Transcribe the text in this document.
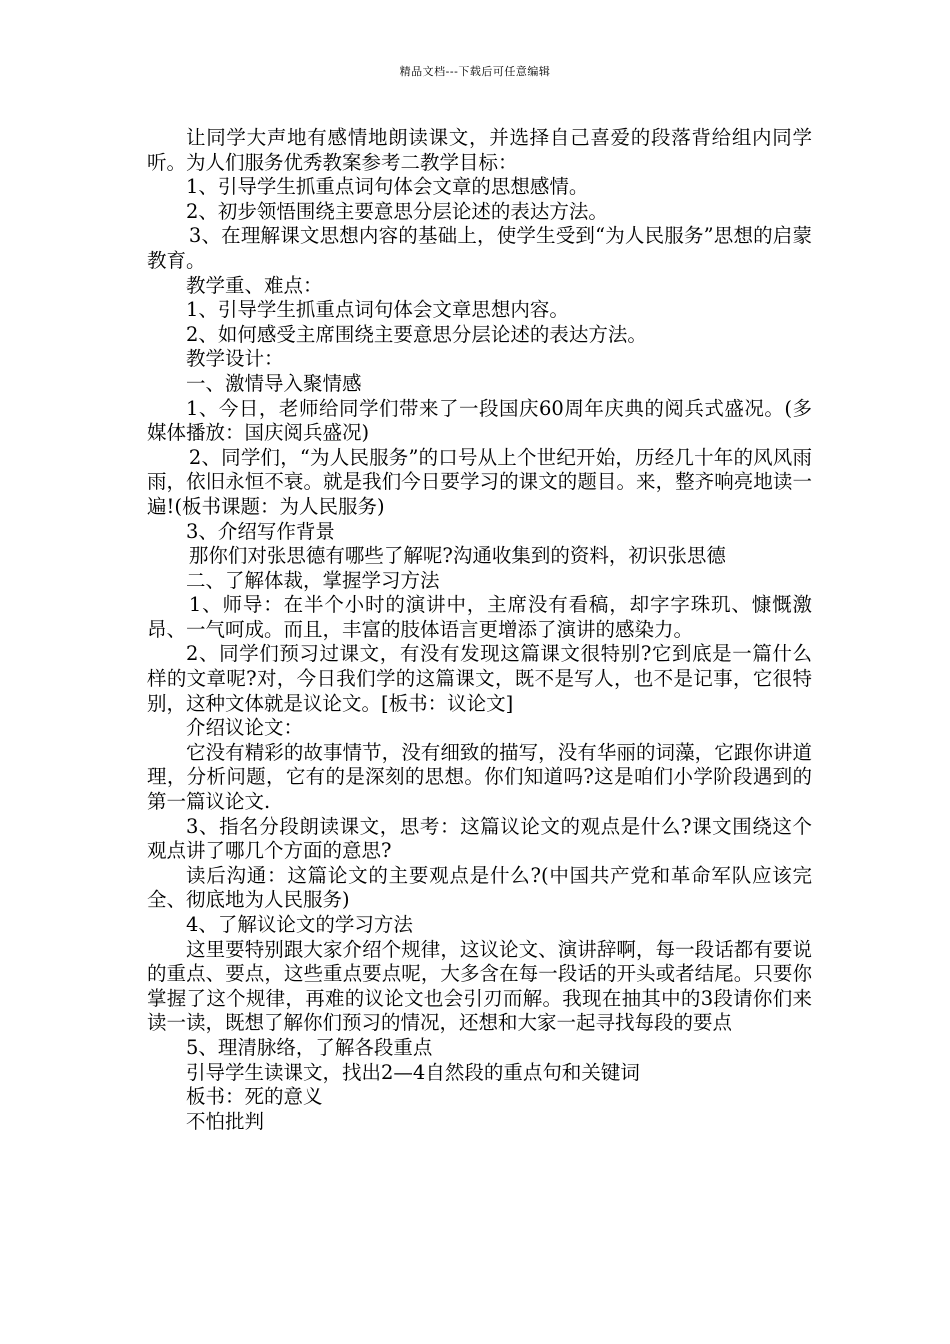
精品文档---下载后可任意编辑

让同学大声地有感情地朗读课文，并选择自己喜爱的段落背给组内同学听。为人们服务优秀教案参考二教学目标：

1、引导学生抓重点词句体会文章的思想感情。

2、初步领悟围绕主要意思分层论述的表达方法。

3、在理解课文思想内容的基础上，使学生受到“为人民服务”思想的启蒙教育。

教学重、难点：

1、引导学生抓重点词句体会文章思想内容。

2、如何感受主席围绕主要意思分层论述的表达方法。

教学设计：

一、激情导入聚情感

1、今日，老师给同学们带来了一段国庆60周年庆典的阅兵式盛况。(多媒体播放：国庆阅兵盛况)

2、同学们，“为人民服务”的口号从上个世纪开始，历经几十年的风风雨雨，依旧永恒不衰。就是我们今日要学习的课文的题目。来，整齐响亮地读一遍!(板书课题：为人民服务)

3、介绍写作背景

那你们对张思德有哪些了解呢?沟通收集到的资料，初识张思德

二、了解体裁，掌握学习方法

1、师导：在半个小时的演讲中，主席没有看稿，却字字珠玑、慷慨激昂、一气呵成。而且，丰富的肢体语言更增添了演讲的感染力。

2、同学们预习过课文，有没有发现这篇课文很特别?它到底是一篇什么样的文章呢?对，今日我们学的这篇课文，既不是写人，也不是记事，它很特别，这种文体就是议论文。[板书：议论文]

介绍议论文：

它没有精彩的故事情节，没有细致的描写，没有华丽的词藻，它跟你讲道理，分析问题，它有的是深刻的思想。你们知道吗?这是咱们小学阶段遇到的第一篇议论文.

3、指名分段朗读课文，思考：这篇议论文的观点是什么?课文围绕这个观点讲了哪几个方面的意思?

读后沟通：这篇论文的主要观点是什么?(中国共产党和革命军队应该完全、彻底地为人民服务)

4、了解议论文的学习方法

这里要特别跟大家介绍个规律，这议论文、演讲辞啊，每一段话都有要说的重点、要点，这些重点要点呢，大多含在每一段话的开头或者结尾。只要你掌握了这个规律，再难的议论文也会引刃而解。我现在抽其中的3段请你们来读一读，既想了解你们预习的情况，还想和大家一起寻找每段的要点

5、理清脉络，了解各段重点

引导学生读课文，找出2—4自然段的重点句和关键词

板书：死的意义

不怕批判
